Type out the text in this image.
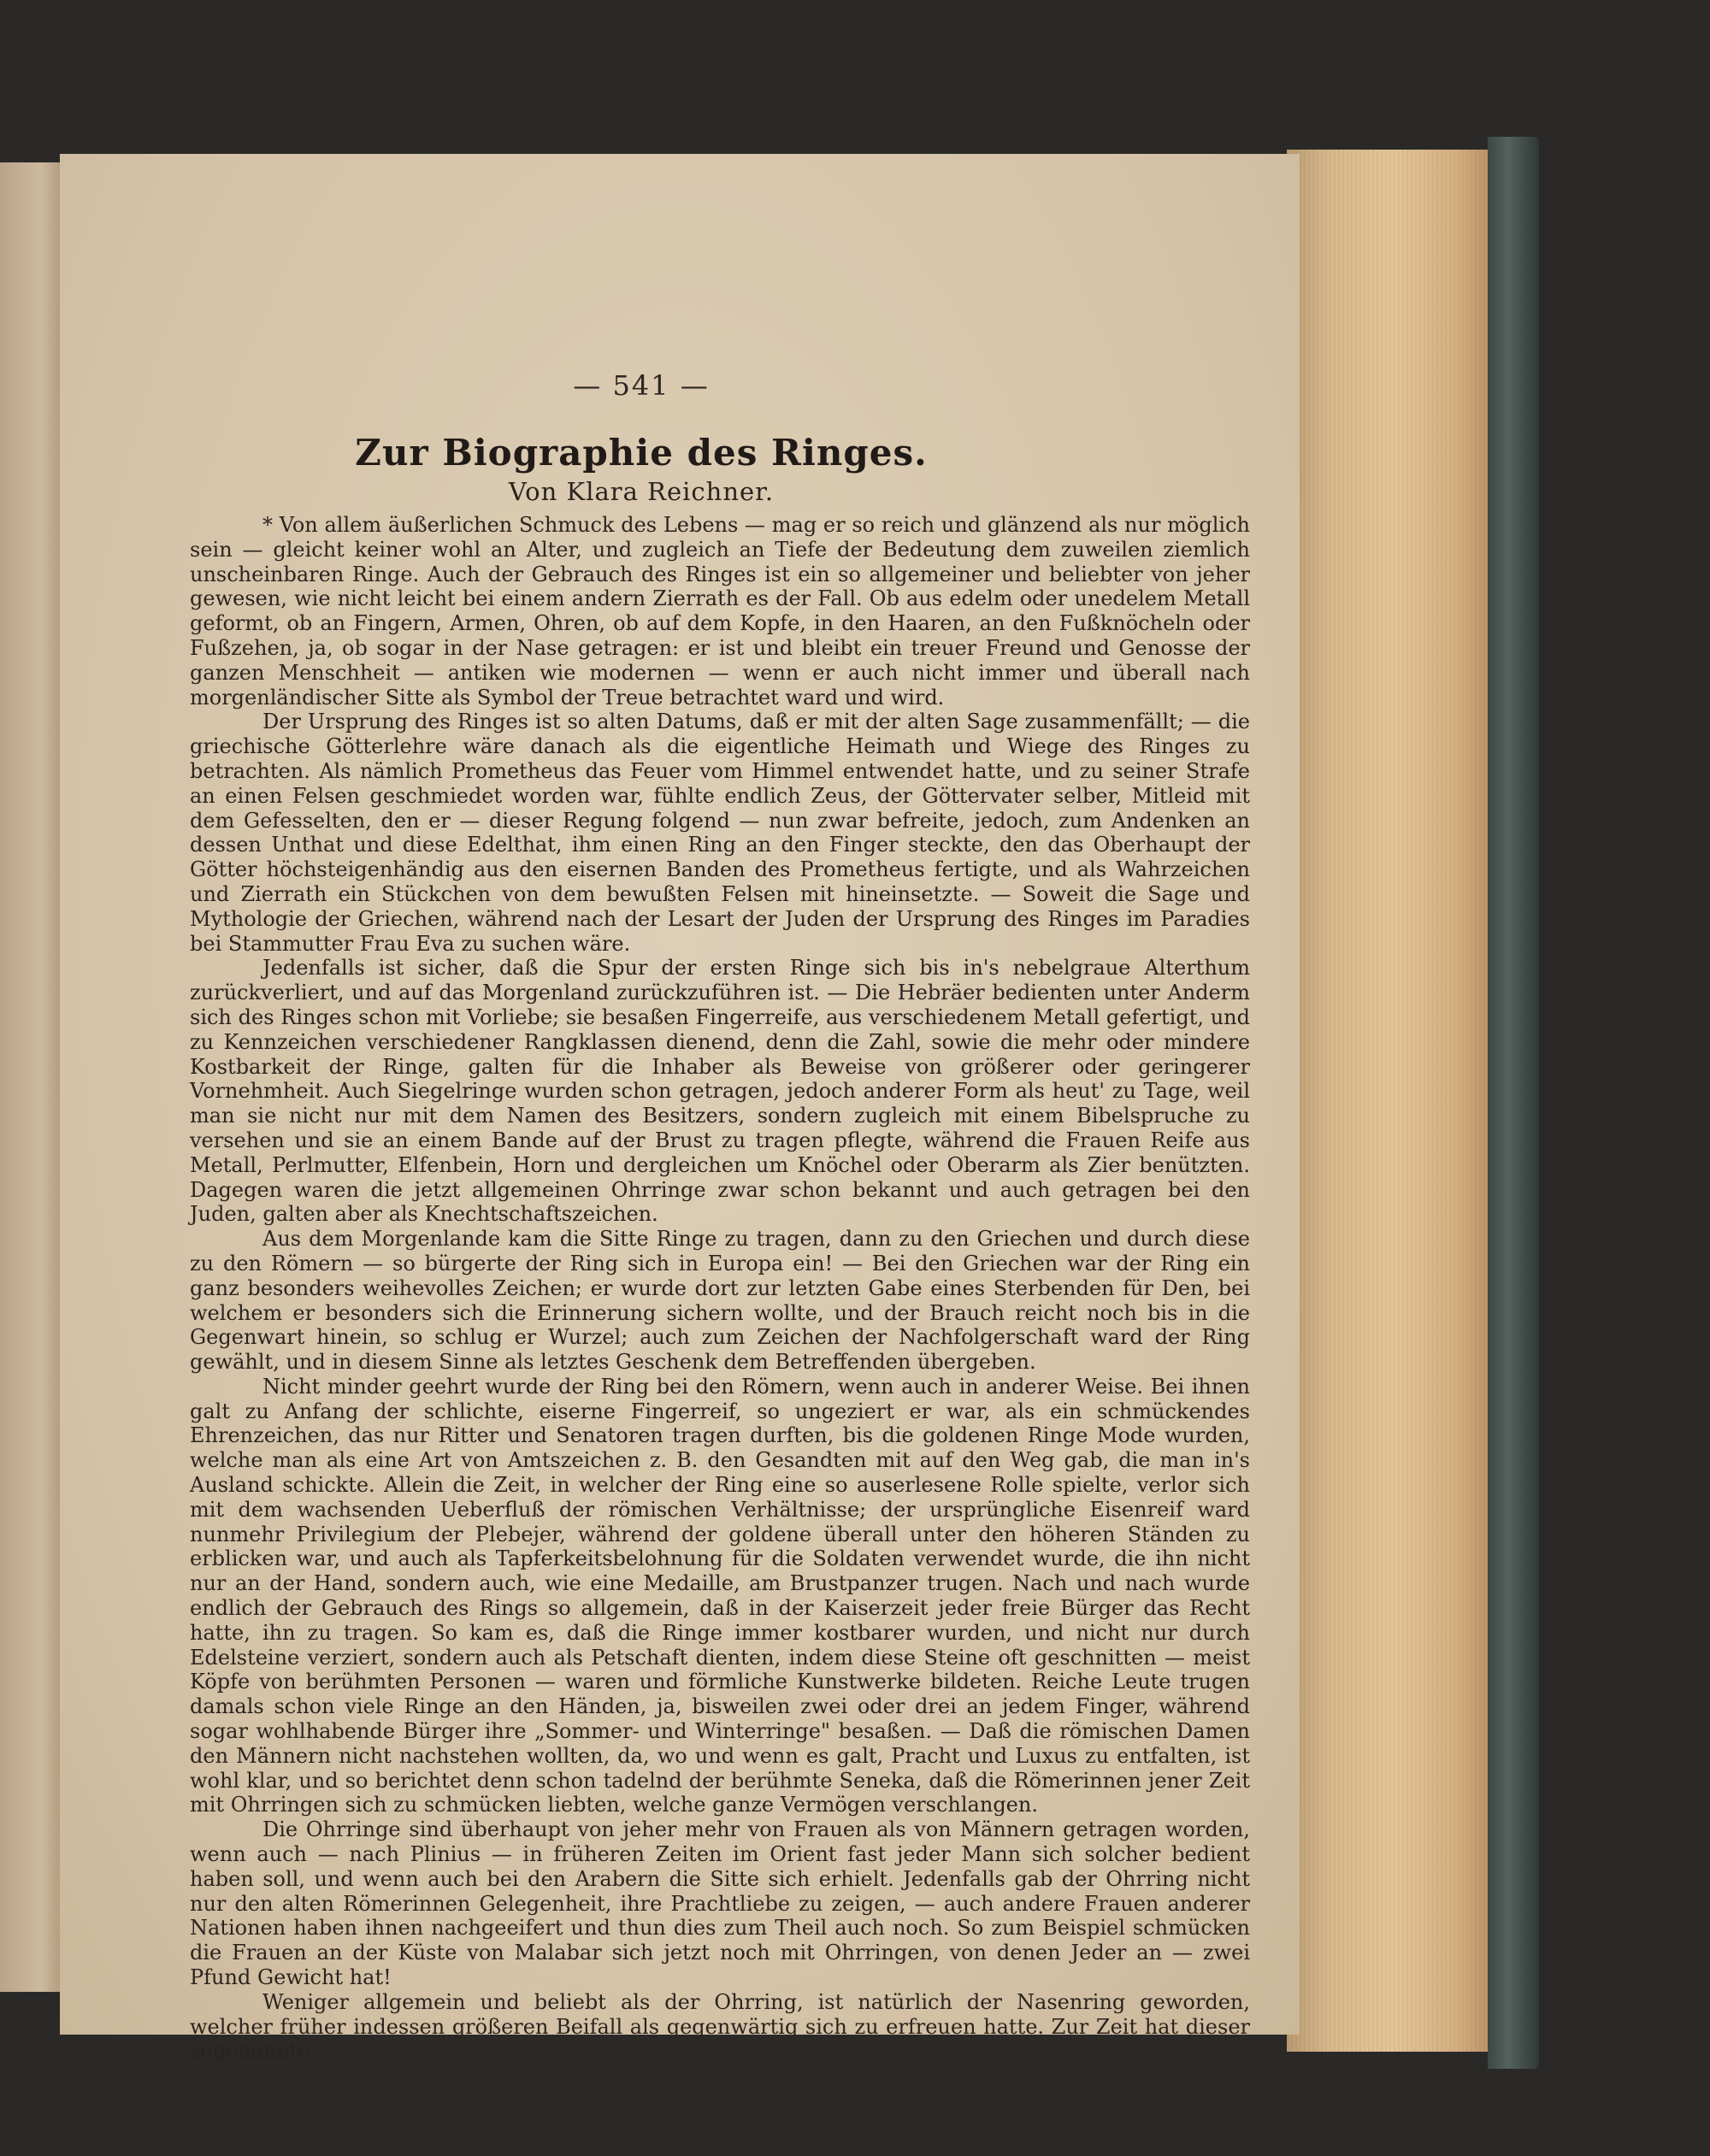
— 541 —
Zur Biographie des Ringes.
Von Klara Reichner.

* Von allem äußerlichen Schmuck des Lebens — mag er so reich und glänzend als nur möglich sein — gleicht keiner wohl an Alter, und zugleich an Tiefe der Bedeutung dem zuweilen ziemlich unscheinbaren Ringe. Auch der Gebrauch des Ringes ist ein so allgemeiner und beliebter von jeher gewesen, wie nicht leicht bei einem andern Zierrath es der Fall. Ob aus edelm oder unedelem Metall geformt, ob an Fingern, Armen, Ohren, ob auf dem Kopfe, in den Haaren, an den Fußknöcheln oder Fußzehen, ja, ob sogar in der Nase getragen: er ist und bleibt ein treuer Freund und Genosse der ganzen Menschheit — antiken wie modernen — wenn er auch nicht immer und überall nach morgenländischer Sitte als Symbol der Treue betrachtet ward und wird.

Der Ursprung des Ringes ist so alten Datums, daß er mit der alten Sage zusammenfällt; — die griechische Götterlehre wäre danach als die eigentliche Heimath und Wiege des Ringes zu betrachten. Als nämlich Prometheus das Feuer vom Himmel entwendet hatte, und zu seiner Strafe an einen Felsen geschmiedet worden war, fühlte endlich Zeus, der Göttervater selber, Mitleid mit dem Gefesselten, den er — dieser Regung folgend — nun zwar befreite, jedoch, zum Andenken an dessen Unthat und diese Edelthat, ihm einen Ring an den Finger steckte, den das Oberhaupt der Götter höchsteigenhändig aus den eisernen Banden des Prometheus fertigte, und als Wahrzeichen und Zierrath ein Stückchen von dem bewußten Felsen mit hineinsetzte. — Soweit die Sage und Mythologie der Griechen, während nach der Lesart der Juden der Ursprung des Ringes im Paradies bei Stammutter Frau Eva zu suchen wäre.

Jedenfalls ist sicher, daß die Spur der ersten Ringe sich bis in's nebelgraue Alterthum zurückverliert, und auf das Morgenland zurückzuführen ist. — Die Hebräer bedienten unter Anderm sich des Ringes schon mit Vorliebe; sie besaßen Fingerreife, aus verschiedenem Metall gefertigt, und zu Kennzeichen verschiedener Rangklassen dienend, denn die Zahl, sowie die mehr oder mindere Kostbarkeit der Ringe, galten für die Inhaber als Beweise von größerer oder geringerer Vornehmheit. Auch Siegelringe wurden schon getragen, jedoch anderer Form als heut' zu Tage, weil man sie nicht nur mit dem Namen des Besitzers, sondern zugleich mit einem Bibelspruche zu versehen und sie an einem Bande auf der Brust zu tragen pflegte, während die Frauen Reife aus Metall, Perlmutter, Elfenbein, Horn und dergleichen um Knöchel oder Oberarm als Zier benützten. Dagegen waren die jetzt allgemeinen Ohrringe zwar schon bekannt und auch getragen bei den Juden, galten aber als Knechtschaftszeichen.

Aus dem Morgenlande kam die Sitte Ringe zu tragen, dann zu den Griechen und durch diese zu den Römern — so bürgerte der Ring sich in Europa ein! — Bei den Griechen war der Ring ein ganz besonders weihevolles Zeichen; er wurde dort zur letzten Gabe eines Sterbenden für Den, bei welchem er besonders sich die Erinnerung sichern wollte, und der Brauch reicht noch bis in die Gegenwart hinein, so schlug er Wurzel; auch zum Zeichen der Nachfolgerschaft ward der Ring gewählt, und in diesem Sinne als letztes Geschenk dem Betreffenden übergeben.

Nicht minder geehrt wurde der Ring bei den Römern, wenn auch in anderer Weise. Bei ihnen galt zu Anfang der schlichte, eiserne Fingerreif, so ungeziert er war, als ein schmückendes Ehrenzeichen, das nur Ritter und Senatoren tragen durften, bis die goldenen Ringe Mode wurden, welche man als eine Art von Amtszeichen z. B. den Gesandten mit auf den Weg gab, die man in's Ausland schickte. Allein die Zeit, in welcher der Ring eine so auserlesene Rolle spielte, verlor sich mit dem wachsenden Ueberfluß der römischen Verhältnisse; der ursprüngliche Eisenreif ward nunmehr Privilegium der Plebejer, während der goldene überall unter den höheren Ständen zu erblicken war, und auch als Tapferkeitsbelohnung für die Soldaten verwendet wurde, die ihn nicht nur an der Hand, sondern auch, wie eine Medaille, am Brustpanzer trugen. Nach und nach wurde endlich der Gebrauch des Rings so allgemein, daß in der Kaiserzeit jeder freie Bürger das Recht hatte, ihn zu tragen. So kam es, daß die Ringe immer kostbarer wurden, und nicht nur durch Edelsteine verziert, sondern auch als Petschaft dienten, indem diese Steine oft geschnitten — meist Köpfe von berühmten Personen — waren und förmliche Kunstwerke bildeten. Reiche Leute trugen damals schon viele Ringe an den Händen, ja, bisweilen zwei oder drei an jedem Finger, während sogar wohlhabende Bürger ihre „Sommer- und Winterringe" besaßen. — Daß die römischen Damen den Männern nicht nachstehen wollten, da, wo und wenn es galt, Pracht und Luxus zu entfalten, ist wohl klar, und so berichtet denn schon tadelnd der berühmte Seneka, daß die Römerinnen jener Zeit mit Ohrringen sich zu schmücken liebten, welche ganze Vermögen verschlangen.

Die Ohrringe sind überhaupt von jeher mehr von Frauen als von Männern getragen worden, wenn auch — nach Plinius — in früheren Zeiten im Orient fast jeder Mann sich solcher bedient haben soll, und wenn auch bei den Arabern die Sitte sich erhielt. Jedenfalls gab der Ohrring nicht nur den alten Römerinnen Gelegenheit, ihre Prachtliebe zu zeigen, — auch andere Frauen anderer Nationen haben ihnen nachgeeifert und thun dies zum Theil auch noch. So zum Beispiel schmücken die Frauen an der Küste von Malabar sich jetzt noch mit Ohrringen, von denen Jeder an — zwei Pfund Gewicht hat!

Weniger allgemein und beliebt als der Ohrring, ist natürlich der Nasenring geworden, welcher früher indessen größeren Beifall als gegenwärtig sich zu erfreuen hatte. Zur Zeit hat dieser sogenannte
